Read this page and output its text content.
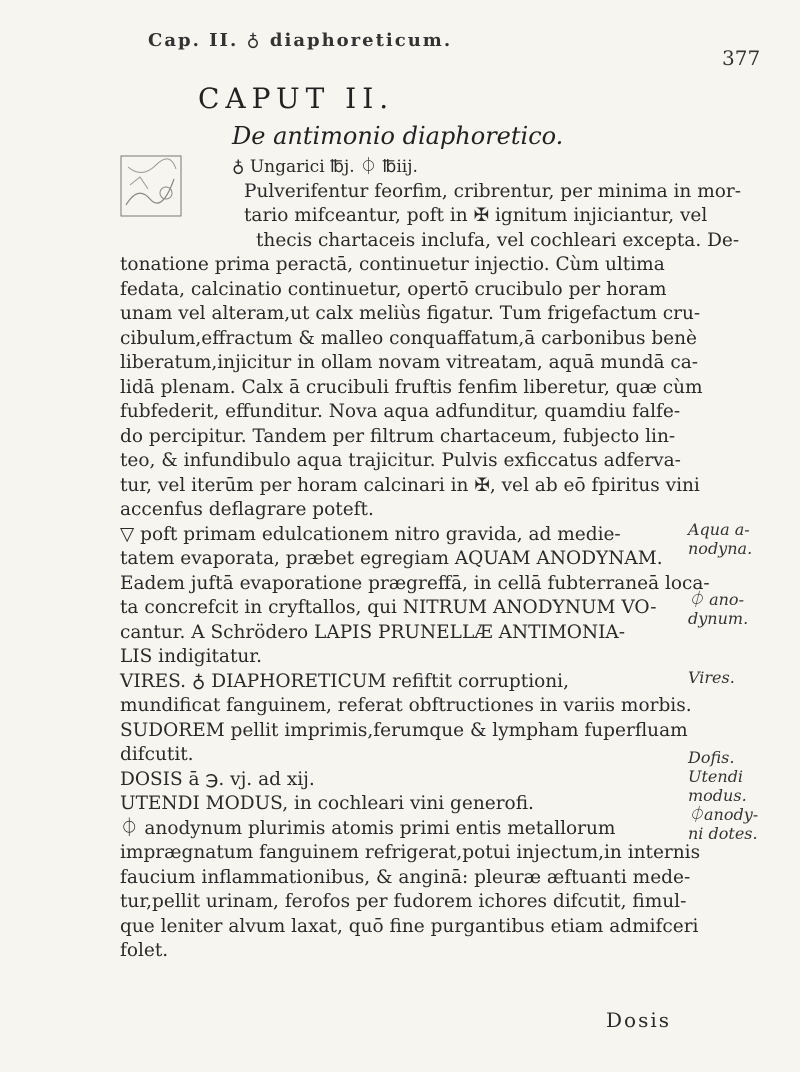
Cap. II. ♁ diaphoreticum.
377
CAPUT II.
De antimonio diaphoretico.
♁ Ungarici ℔j. ⏀ ℔iij.
Pulverifentur feorfim, cribrentur, per minima in mor-
tario mifceantur, poft in ✠ ignitum injiciantur, vel
thecis chartaceis inclufa, vel cochleari excepta. De-
tonatione prima peractā, continuetur injectio. Cùm ultima
fedata, calcinatio continuetur, opertō crucibulo per horam
unam vel alteram,ut calx meliùs figatur. Tum frigefactum cru-
cibulum,effractum & malleo conquaffatum,ā carbonibus benè
liberatum,injicitur in ollam novam vitreatam, aquā mundā ca-
lidā plenam. Calx ā crucibuli fruftis fenfim liberetur, quæ cùm
fubfederit, effunditur. Nova aqua adfunditur, quamdiu falfe-
do percipitur. Tandem per filtrum chartaceum, fubjecto lin-
teo, & infundibulo aqua trajicitur. Pulvis exficcatus adferva-
tur, vel iterūm per horam calcinari in ✠, vel ab eō fpiritus vini
accenfus deflagrare poteft.
▽ poft primam edulcationem nitro gravida, ad medie-
tatem evaporata, præbet egregiam AQUAM ANODYNAM.
Eadem juftā evaporatione prægreffā, in cellā fubterraneā loca-
ta concrefcit in cryftallos, qui NITRUM ANODYNUM VO-
cantur. A Schrödero LAPIS PRUNELLÆ ANTIMONIA-
LIS indigitatur.
VIRES. ♁ DIAPHORETICUM refiftit corruptioni,
mundificat fanguinem, referat obftructiones in variis morbis.
SUDOREM pellit imprimis,ferumque & lympham fuperfluam
difcutit.
DOSIS ā ℈. vj. ad xij.
UTENDI MODUS, in cochleari vini generofi.
⏀ anodynum plurimis atomis primi entis metallorum
imprægnatum fanguinem refrigerat,potui injectum,in internis
faucium inflammationibus, & anginā: pleuræ æftuanti mede-
tur,pellit urinam, ferofos per fudorem ichores difcutit, fimul-
que leniter alvum laxat, quō fine purgantibus etiam admifceri
folet.
Aqua a-
nodyna.
⏀ ano-
dynum.
Vires.
Dofis.
Utendi
modus.
⏀anody-
ni dotes.
Dosis
